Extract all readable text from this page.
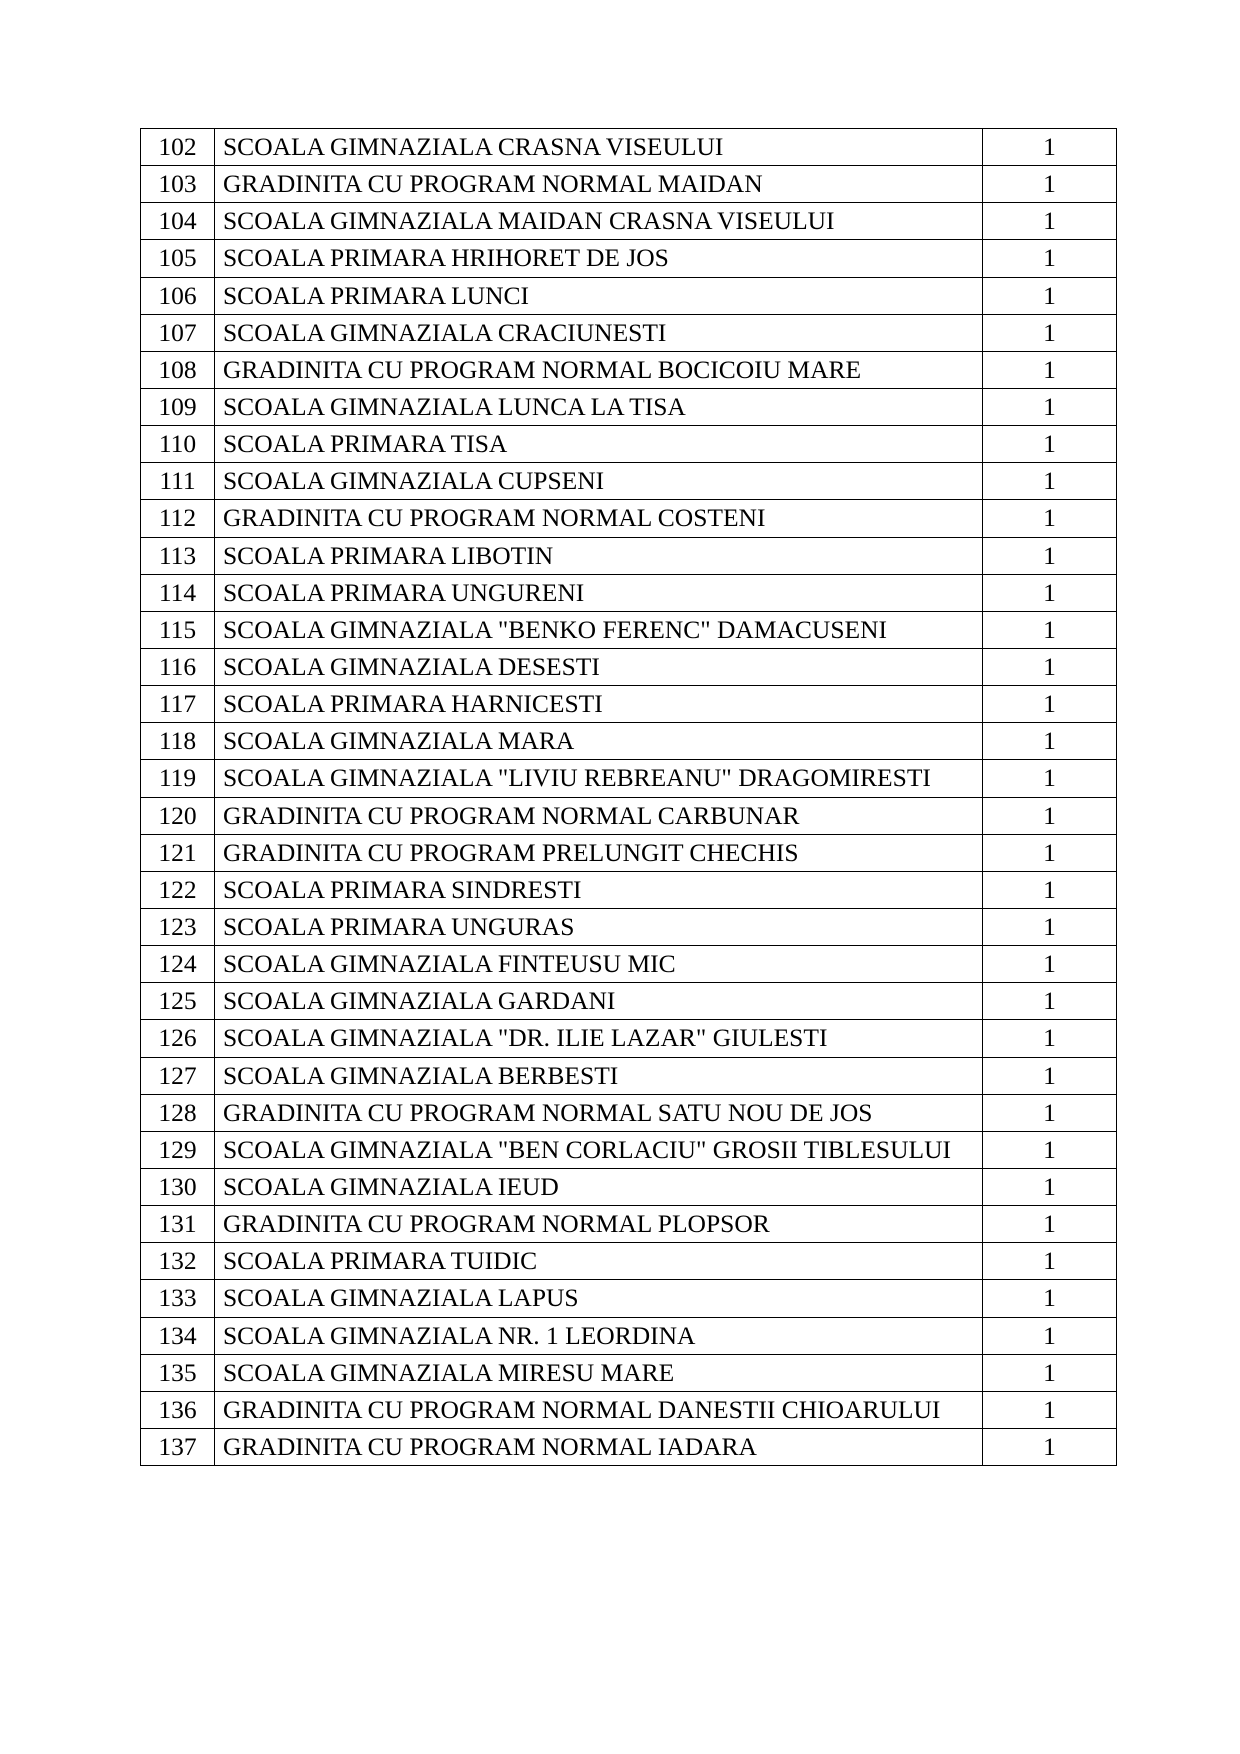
102	SCOALA GIMNAZIALA CRASNA VISEULUI	1
103	GRADINITA CU PROGRAM NORMAL MAIDAN	1
104	SCOALA GIMNAZIALA MAIDAN CRASNA VISEULUI	1
105	SCOALA PRIMARA HRIHORET DE JOS	1
106	SCOALA PRIMARA LUNCI	1
107	SCOALA GIMNAZIALA CRACIUNESTI	1
108	GRADINITA CU PROGRAM NORMAL BOCICOIU MARE	1
109	SCOALA GIMNAZIALA LUNCA LA TISA	1
110	SCOALA PRIMARA TISA	1
111	SCOALA GIMNAZIALA CUPSENI	1
112	GRADINITA CU PROGRAM NORMAL COSTENI	1
113	SCOALA PRIMARA LIBOTIN	1
114	SCOALA PRIMARA UNGURENI	1
115	SCOALA GIMNAZIALA "BENKO FERENC" DAMACUSENI	1
116	SCOALA GIMNAZIALA DESESTI	1
117	SCOALA PRIMARA HARNICESTI	1
118	SCOALA GIMNAZIALA MARA	1
119	SCOALA GIMNAZIALA "LIVIU REBREANU" DRAGOMIRESTI	1
120	GRADINITA CU PROGRAM NORMAL CARBUNAR	1
121	GRADINITA CU PROGRAM PRELUNGIT CHECHIS	1
122	SCOALA PRIMARA SINDRESTI	1
123	SCOALA PRIMARA UNGURAS	1
124	SCOALA GIMNAZIALA FINTEUSU MIC	1
125	SCOALA GIMNAZIALA GARDANI	1
126	SCOALA GIMNAZIALA "DR. ILIE LAZAR" GIULESTI	1
127	SCOALA GIMNAZIALA BERBESTI	1
128	GRADINITA CU PROGRAM NORMAL SATU NOU DE JOS	1
129	SCOALA GIMNAZIALA "BEN CORLACIU" GROSII TIBLESULUI	1
130	SCOALA GIMNAZIALA IEUD	1
131	GRADINITA CU PROGRAM NORMAL PLOPSOR	1
132	SCOALA PRIMARA TUIDIC	1
133	SCOALA GIMNAZIALA LAPUS	1
134	SCOALA GIMNAZIALA NR. 1 LEORDINA	1
135	SCOALA GIMNAZIALA MIRESU MARE	1
136	GRADINITA CU PROGRAM NORMAL DANESTII CHIOARULUI	1
137	GRADINITA CU PROGRAM NORMAL IADARA	1
